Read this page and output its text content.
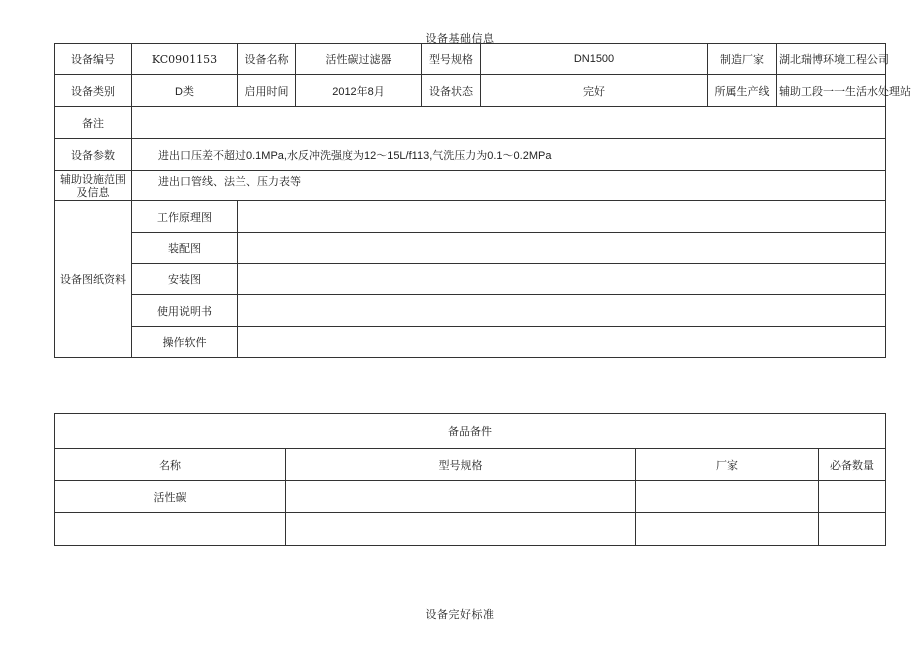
设备基础信息
设备编号	KC0901153	设备名称	活性碳过滤器	型号规格	DN1500	制造厂家	湖北瑞博环境工程公司
设备类别	D类	启用时间	2012年8月	设备状态	完好	所属生产线	辅助工段一一生活水处理站
备注							
设备参数	进出口压差不超过0.1MPa,水反冲洗强度为12～15L/f113,气洗压力为0.1～0.2MPa						
辅助设施范围及信息	进出口管线、法兰、压力表等						
设备图纸资料	工作原理图						
	装配图						
	安装图						
	使用说明书						
	操作软件						
备品备件			
名称	型号规格	厂家	必备数量
活性碳			

设备完好标准
